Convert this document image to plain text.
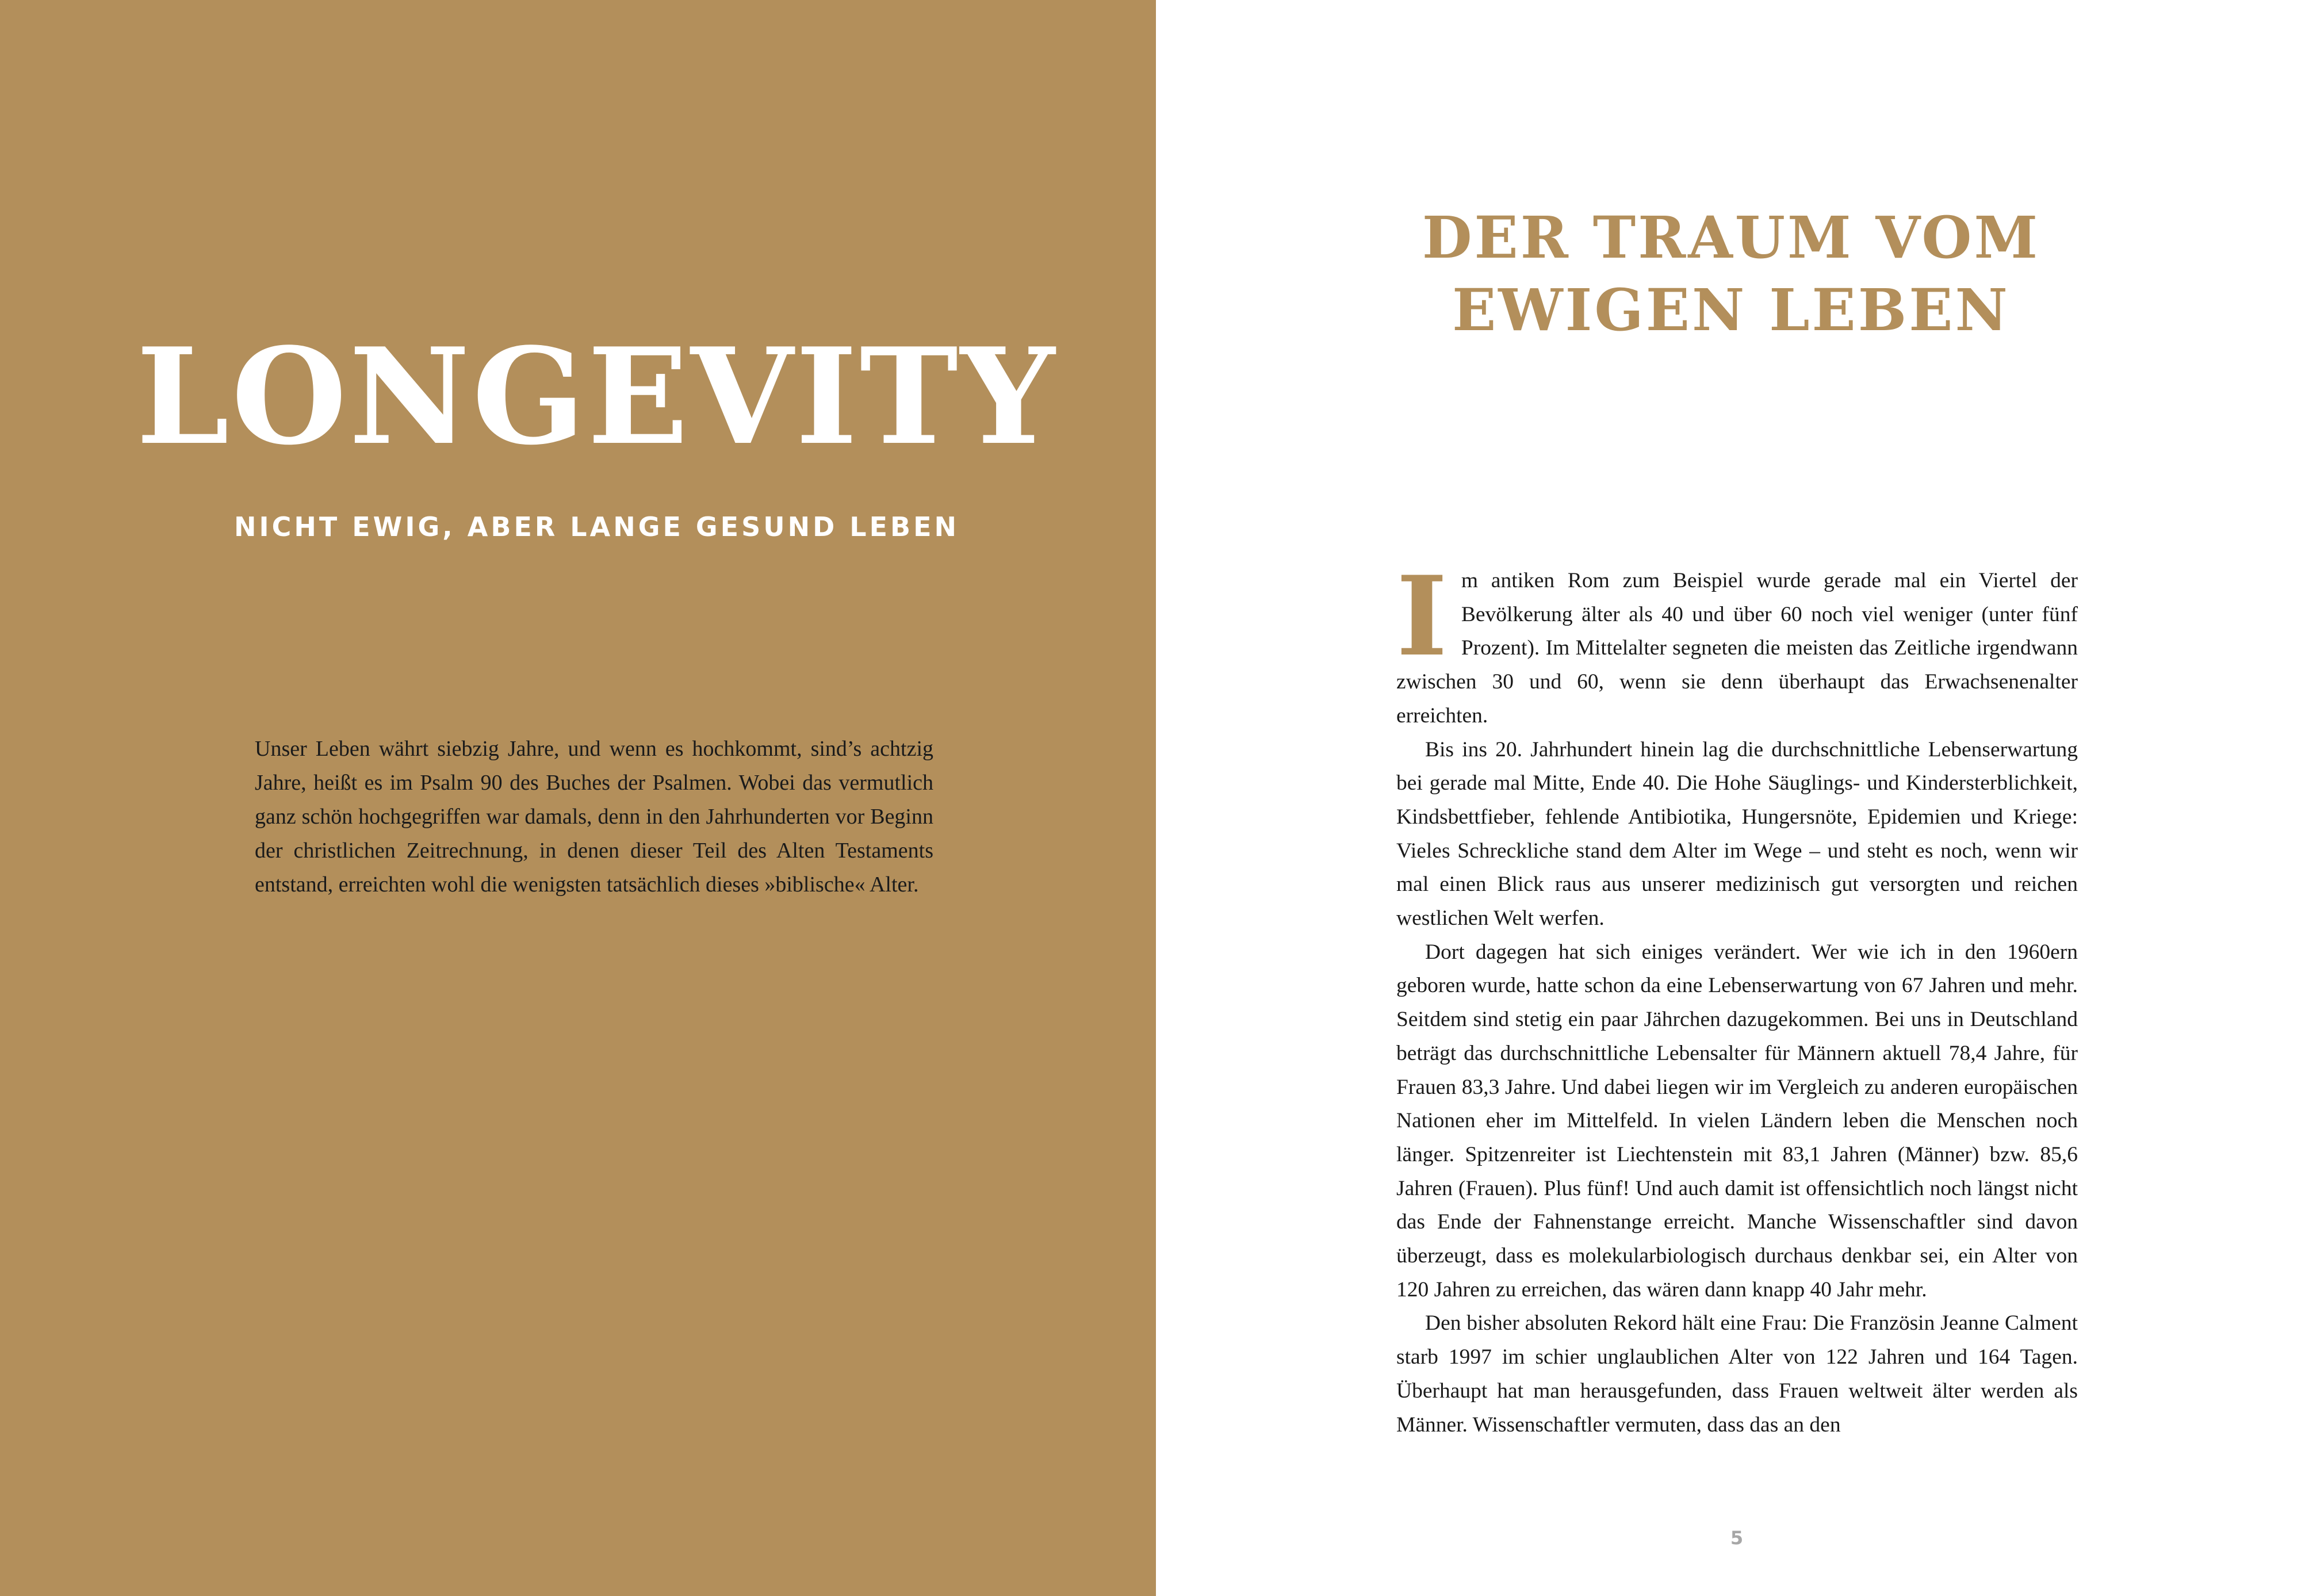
LONGEVITY
NICHT EWIG, ABER LANGE GESUND LEBEN

Unser Leben währt siebzig Jahre, und wenn es hochkommt, sind’s achtzig Jahre, heißt es im Psalm 90 des Buches der Psalmen. Wobei das vermutlich ganz schön hochgegriffen war damals, denn in den Jahrhunderten vor Beginn der christlichen Zeitrechnung, in denen dieser Teil des Alten Testaments entstand, erreichten wohl die wenigsten tatsächlich dieses »biblische« Alter.

DER TRAUM VOM
EWIGEN LEBEN

Im antiken Rom zum Beispiel wurde gerade mal ein Viertel der Bevölkerung älter als 40 und über 60 noch viel weniger (unter fünf Prozent). Im Mittelalter segneten die meisten das Zeitliche irgendwann zwischen 30 und 60, wenn sie denn überhaupt das Erwachsenenalter erreichten.

Bis ins 20. Jahrhundert hinein lag die durchschnittliche Lebenserwartung bei gerade mal Mitte, Ende 40. Die Hohe Säuglings- und Kindersterblichkeit, Kindsbettfieber, fehlende Antibiotika, Hungersnöte, Epidemien und Kriege: Vieles Schreckliche stand dem Alter im Wege – und steht es noch, wenn wir mal einen Blick raus aus unserer medizinisch gut versorgten und reichen westlichen Welt werfen.

Dort dagegen hat sich einiges verändert. Wer wie ich in den 1960ern geboren wurde, hatte schon da eine Lebenserwartung von 67 Jahren und mehr. Seitdem sind stetig ein paar Jährchen dazugekommen. Bei uns in Deutschland beträgt das durchschnittliche Lebensalter für Männern aktuell 78,4 Jahre, für Frauen 83,3 Jahre. Und dabei liegen wir im Vergleich zu anderen europäischen Nationen eher im Mittelfeld. In vielen Ländern leben die Menschen noch länger. Spitzenreiter ist Liechtenstein mit 83,1 Jahren (Männer) bzw. 85,6 Jahren (Frauen). Plus fünf! Und auch damit ist offensichtlich noch längst nicht das Ende der Fahnenstange erreicht. Manche Wissenschaftler sind davon überzeugt, dass es molekularbiologisch durchaus denkbar sei, ein Alter von 120 Jahren zu erreichen, das wären dann knapp 40 Jahr mehr.

Den bisher absoluten Rekord hält eine Frau: Die Französin Jeanne Calment starb 1997 im schier unglaublichen Alter von 122 Jahren und 164 Tagen. Überhaupt hat man herausgefunden, dass Frauen weltweit älter werden als Männer. Wissenschaftler vermuten, dass das an den

5
